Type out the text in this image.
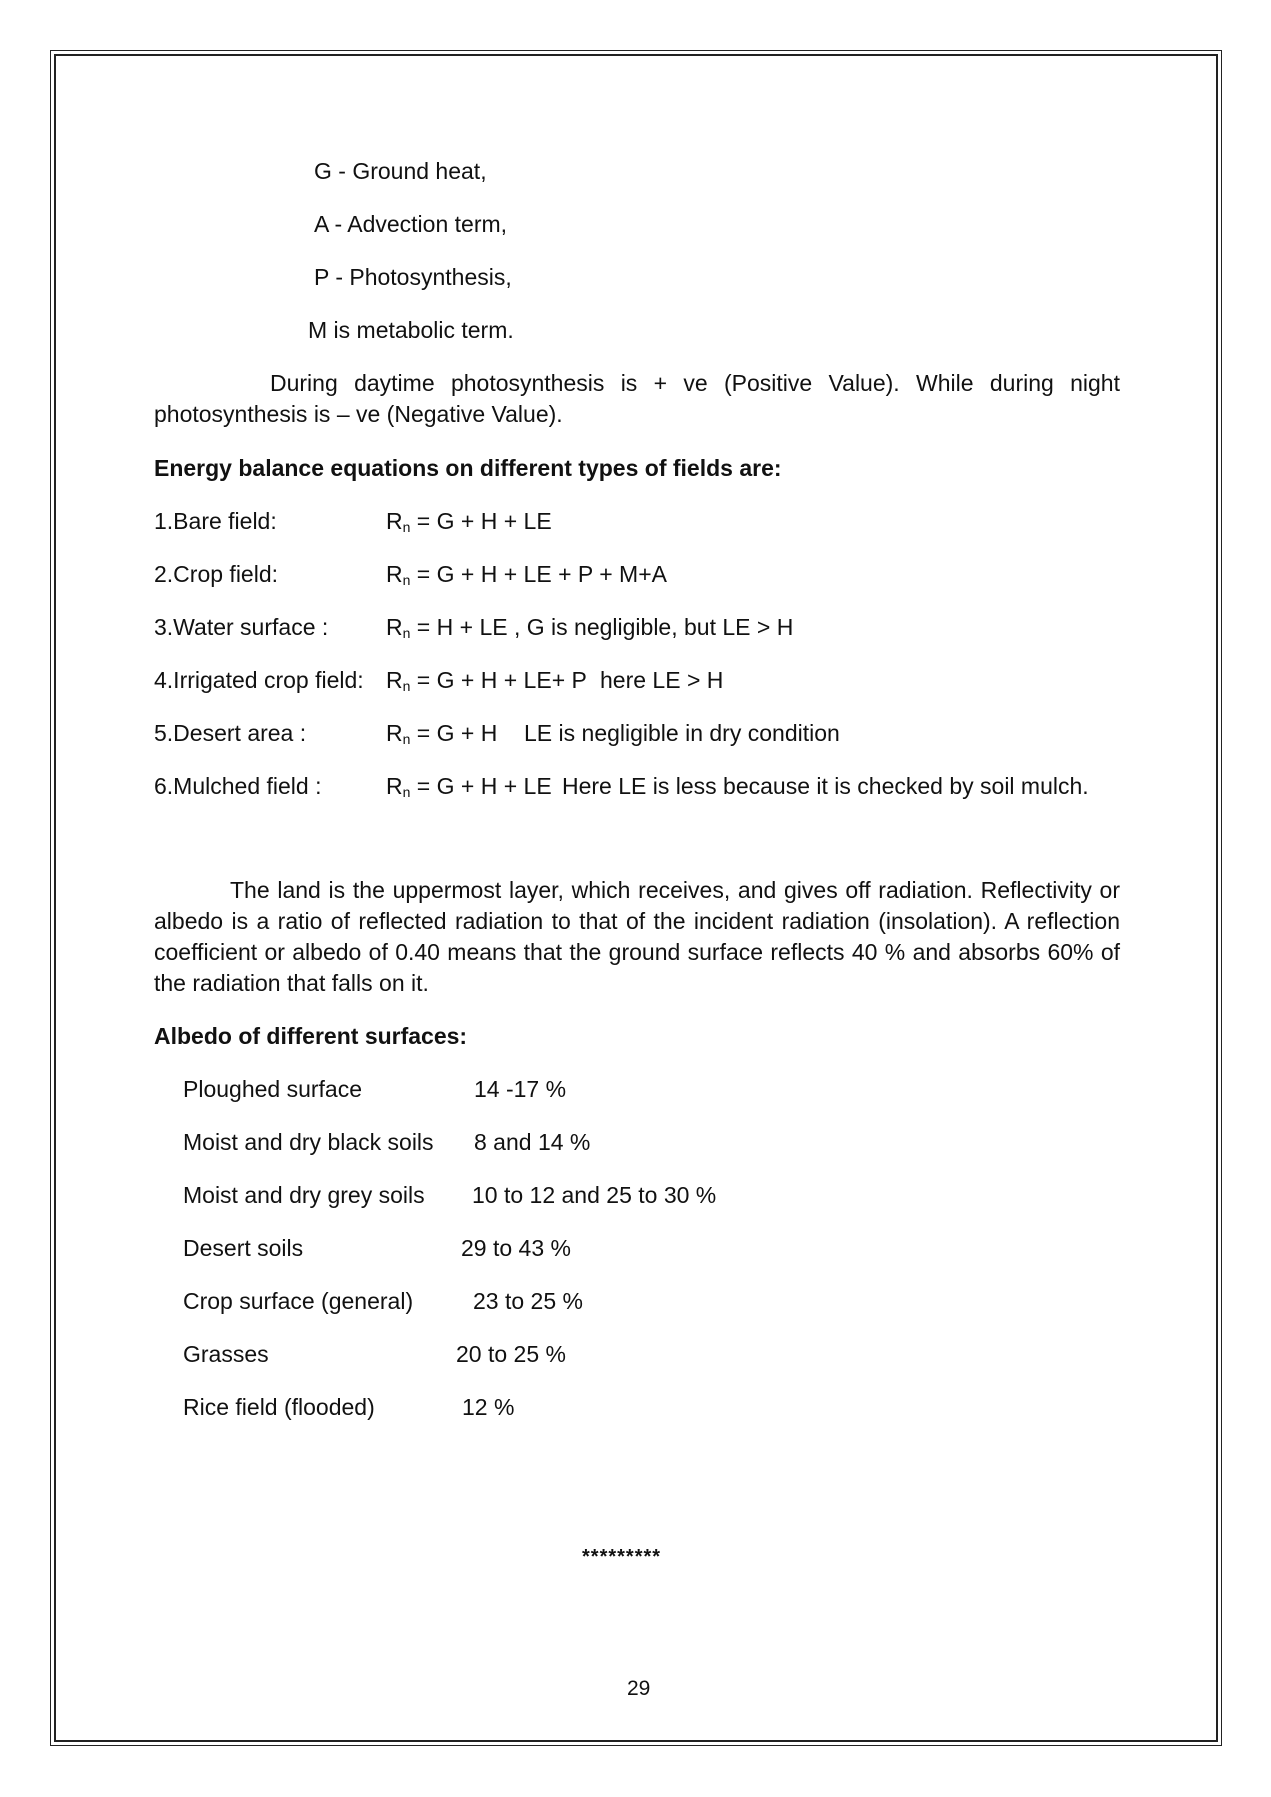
G - Ground heat,
A - Advection term,
P - Photosynthesis,
M is metabolic term.
During daytime photosynthesis is + ve (Positive Value). While during night photosynthesis is – ve (Negative Value).
Energy balance equations on different types of fields are:
1.Bare field:	$R_n = G + H$ + LE
2.Crop field:	$R_n = G + H$ + LE + P + M+A
3.Water surface :	$R_n = H$ + LE , G is negligible, but LE > H
4.Irrigated crop field: $R_n = G + H + LE+ P$ here LE > H
5.Desert area :	$R_n = G + H$ LE is negligible in dry condition
6.Mulched field :	$R_n = G + H$ + LE Here LE is less because it is checked by soil mulch.
The land is the uppermost layer, which receives, and gives off radiation. Reflectivity or albedo is a ratio of reflected radiation to that of the incident radiation (insolation). A reflection coefficient or albedo of 0.40 means that the ground surface reflects 40 % and absorbs 60% of the radiation that falls on it.
Albedo of different surfaces:
Ploughed surface	14 -17 %
Moist and dry black soils 8 and 14 %
Moist and dry grey soils 10 to 12 and 25 to 30 %
Desert soils	29 to 43 %
Crop surface (general)	23 to 25 %
Grasses	20 to 25 %
Rice field (flooded)	12 %
*********
29
